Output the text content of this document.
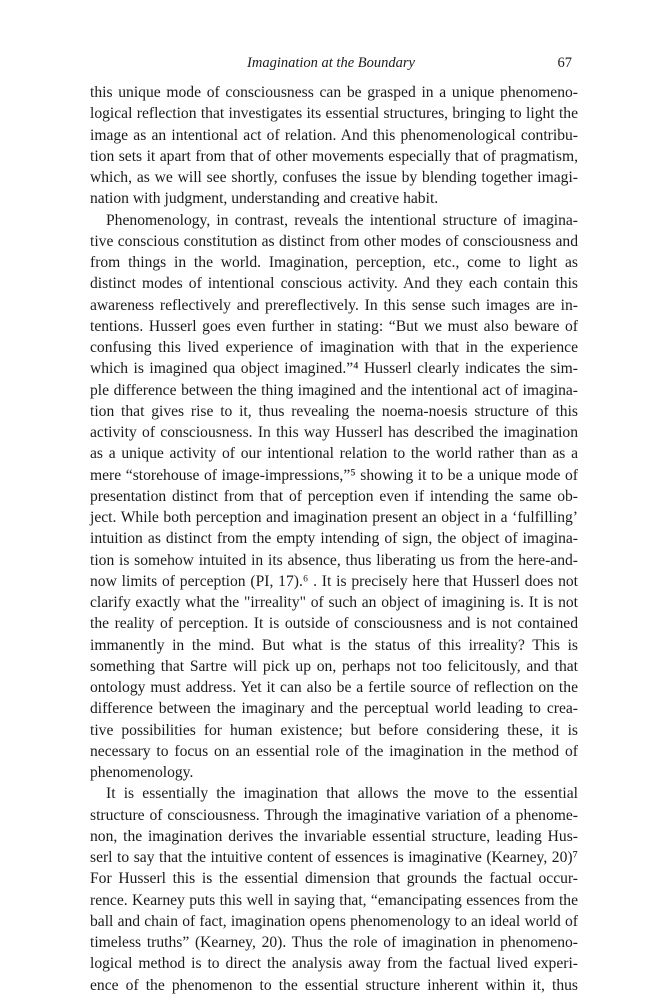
Imagination at the Boundary	67
this unique mode of consciousness can be grasped in a unique phenomeno-
logical reflection that investigates its essential structures, bringing to light the
image as an intentional act of relation. And this phenomenological contribu-
tion sets it apart from that of other movements especially that of pragmatism,
which, as we will see shortly, confuses the issue by blending together imagi-
nation with judgment, understanding and creative habit.
Phenomenology, in contrast, reveals the intentional structure of imagina-
tive conscious constitution as distinct from other modes of consciousness and
from things in the world. Imagination, perception, etc., come to light as
distinct modes of intentional conscious activity. And they each contain this
awareness reflectively and prereflectively. In this sense such images are in-
tentions. Husserl goes even further in stating: “But we must also beware of
confusing this lived experience of imagination with that in the experience
which is imagined qua object imagined.”⁴ Husserl clearly indicates the sim-
ple difference between the thing imagined and the intentional act of imagina-
tion that gives rise to it, thus revealing the noema-noesis structure of this
activity of consciousness. In this way Husserl has described the imagination
as a unique activity of our intentional relation to the world rather than as a
mere “storehouse of image-impressions,”⁵ showing it to be a unique mode of
presentation distinct from that of perception even if intending the same ob-
ject. While both perception and imagination present an object in a ‘fulfilling’
intuition as distinct from the empty intending of sign, the object of imagina-
tion is somehow intuited in its absence, thus liberating us from the here-and-
now limits of perception (PI, 17).⁶ . It is precisely here that Husserl does not
clarify exactly what the "irreality" of such an object of imagining is. It is not
the reality of perception. It is outside of consciousness and is not contained
immanently in the mind. But what is the status of this irreality? This is
something that Sartre will pick up on, perhaps not too felicitously, and that
ontology must address. Yet it can also be a fertile source of reflection on the
difference between the imaginary and the perceptual world leading to crea-
tive possibilities for human existence; but before considering these, it is
necessary to focus on an essential role of the imagination in the method of
phenomenology.
It is essentially the imagination that allows the move to the essential
structure of consciousness. Through the imaginative variation of a phenome-
non, the imagination derives the invariable essential structure, leading Hus-
serl to say that the intuitive content of essences is imaginative (Kearney, 20)⁷
For Husserl this is the essential dimension that grounds the factual occur-
rence. Kearney puts this well in saying that, “emancipating essences from the
ball and chain of fact, imagination opens phenomenology to an ideal world of
timeless truths” (Kearney, 20). Thus the role of imagination in phenomeno-
logical method is to direct the analysis away from the factual lived experi-
ence of the phenomenon to the essential structure inherent within it, thus
